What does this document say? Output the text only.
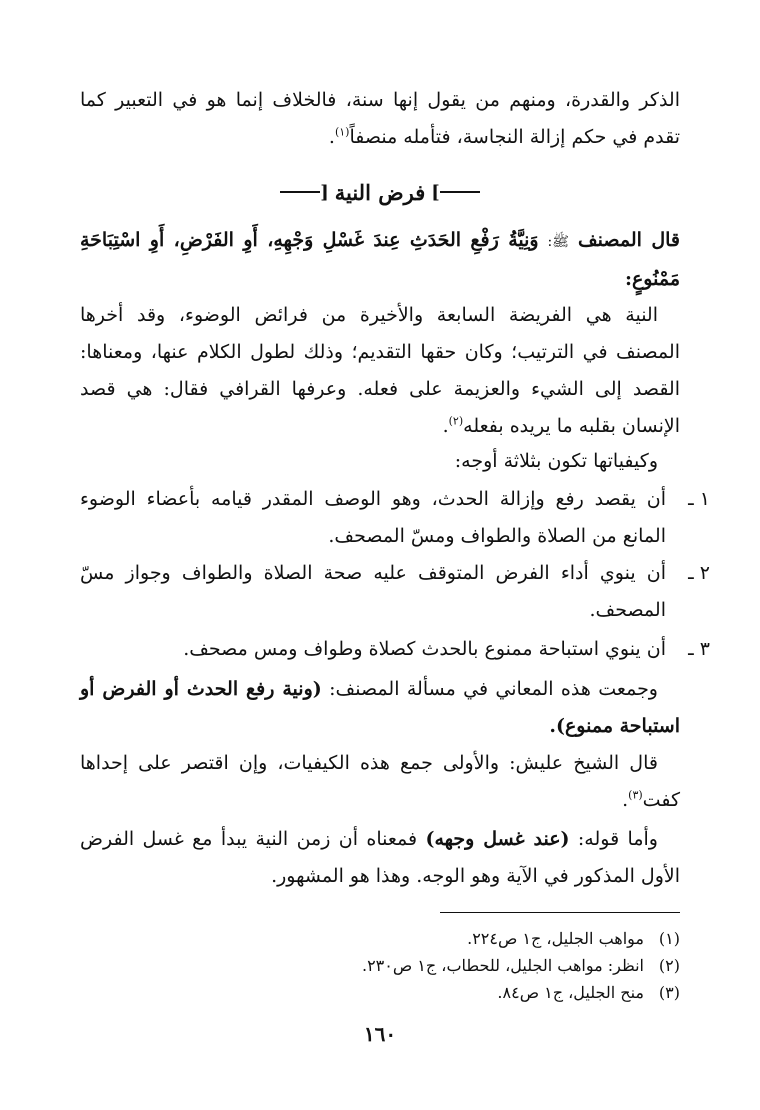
الذكر والقدرة، ومنهم من يقول إنها سنة، فالخلاف إنما هو في التعبير كما تقدم في حكم إزالة النجاسة، فتأمله منصفاً$^{(١)}$.

] فرض النية [

قال المصنف ﷺ: وَنِيَّةُ رَفْعِ الحَدَثِ عِندَ غَسْلِ وَجْهِهِ، أَوِ الفَرْضِ، أَوِ اسْتِبَاحَةِ مَمْنُوعٍ:

النية هي الفريضة السابعة والأخيرة من فرائض الوضوء، وقد أخرها المصنف في الترتيب؛ وكان حقها التقديم؛ وذلك لطول الكلام عنها، ومعناها: القصد إلى الشيء والعزيمة على فعله. وعرفها القرافي فقال: هي قصد الإنسان بقلبه ما يريده بفعله$^{(٢)}$.

وكيفياتها تكون بثلاثة أوجه:

١ ـ
أن يقصد رفع وإزالة الحدث، وهو الوصف المقدر قيامه بأعضاء الوضوء المانع من الصلاة والطواف ومسّ المصحف.
٢ ـ
أن ينوي أداء الفرض المتوقف عليه صحة الصلاة والطواف وجواز مسّ المصحف.
٣ ـ
أن ينوي استباحة ممنوع بالحدث كصلاة وطواف ومس مصحف.

وجمعت هذه المعاني في مسألة المصنف: (ونية رفع الحدث أو الفرض أو استباحة ممنوع).

قال الشيخ عليش: والأولى جمع هذه الكيفيات، وإن اقتصر على إحداها كفت$^{(٣)}$.

وأما قوله: (عند غسل وجهه) فمعناه أن زمن النية يبدأ مع غسل الفرض الأول المذكور في الآية وهو الوجه. وهذا هو المشهور.

(١)
مواهب الجليل، ج١ ص٢٢٤.
(٢)
انظر: مواهب الجليل، للحطاب، ج١ ص٢٣٠.
(٣)
منح الجليل، ج١ ص٨٤.
١٦٠
